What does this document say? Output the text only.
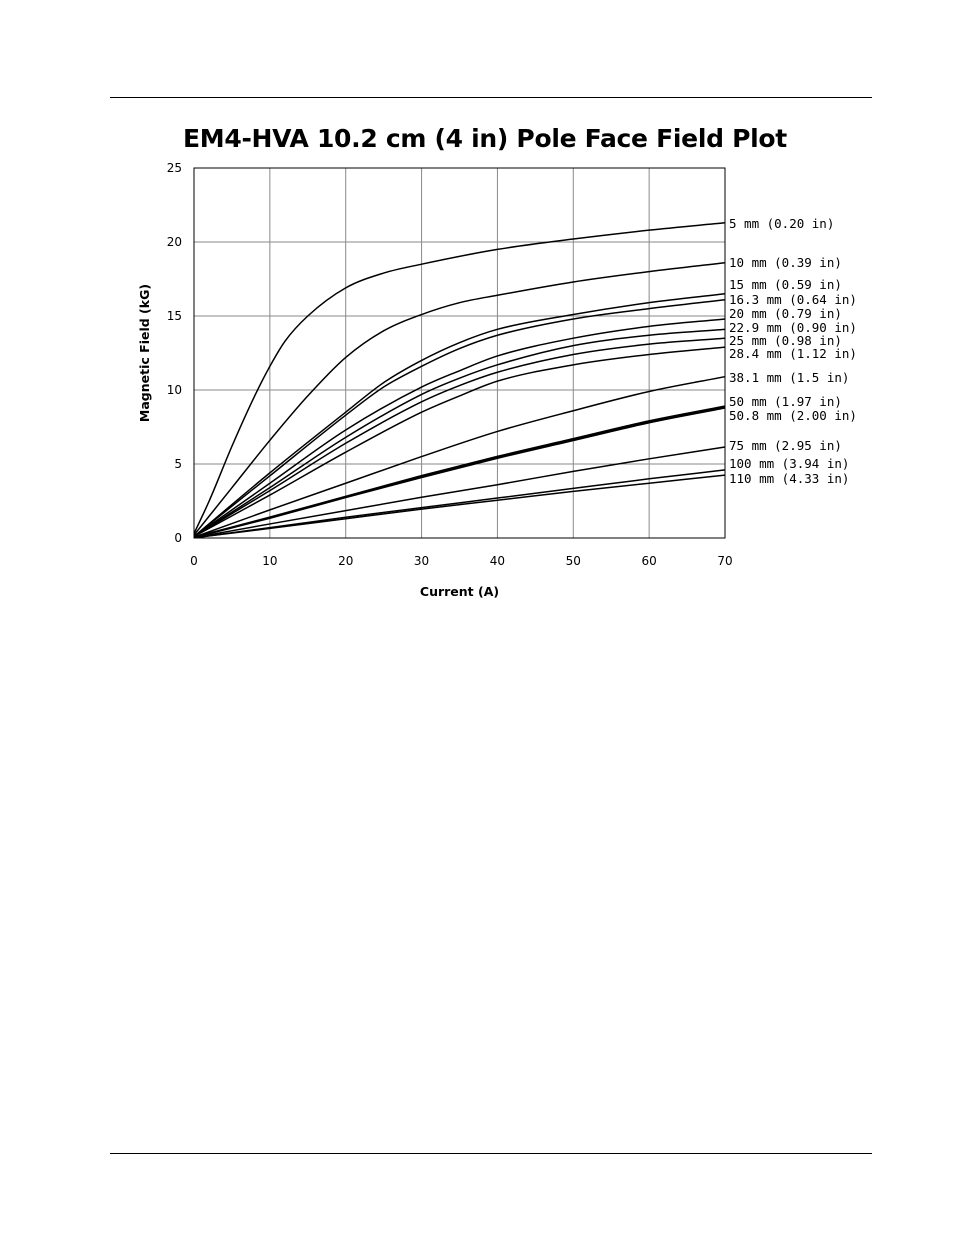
EM4-HVA 10.2 cm (4 in) Pole Face Field Plot
0	10	20	30	40	50	60	70
0
5
10
15
20
25
5 mm (0.20 in)
10 mm (0.39 in)
15 mm (0.59 in)
16.3 mm (0.64 in)
20 mm (0.79 in)
22.9 mm (0.90 in)
25 mm (0.98 in)
28.4 mm (1.12 in)
38.1 mm (1.5 in)
50 mm (1.97 in)
50.8 mm (2.00 in)
75 mm (2.95 in)
100 mm (3.94 in)
110 mm (4.33 in)
Current (A)
Magnetic Field (kG)
